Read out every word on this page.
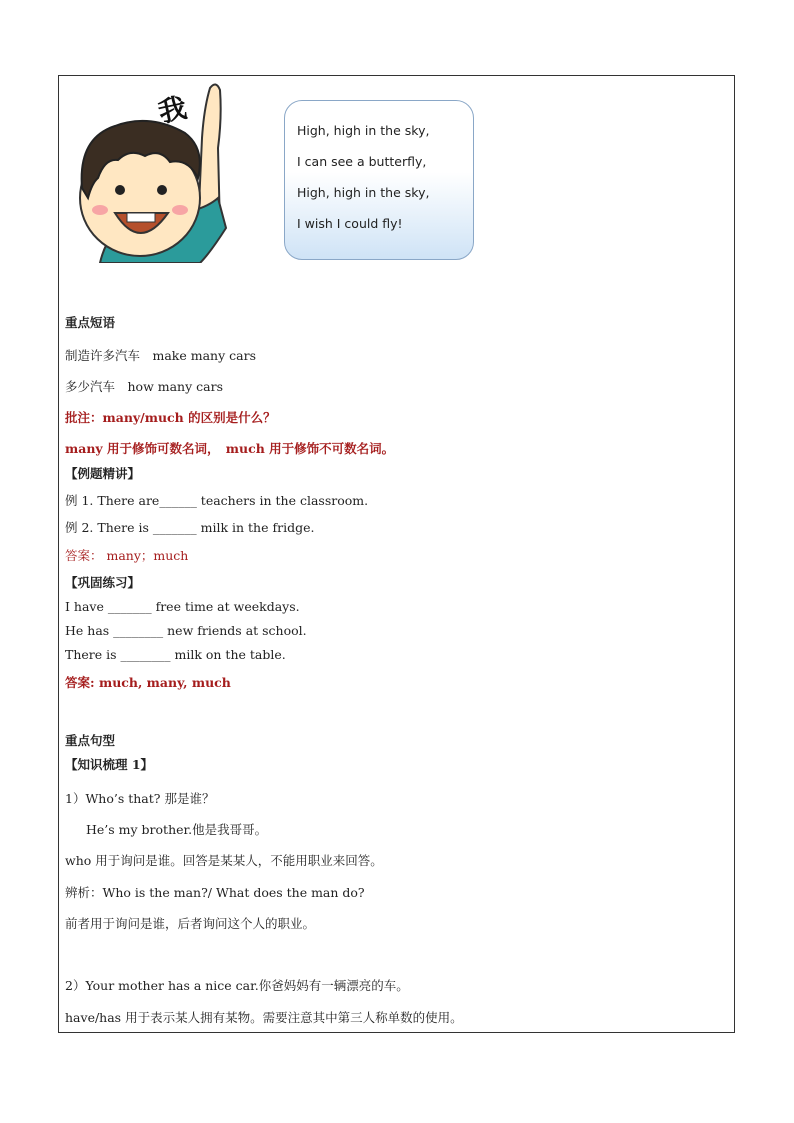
我
High, high in the sky,
I can see a butterfly,
High, high in the sky,
I wish I could fly!
重点短语
制造许多汽车　make many cars
多少汽车　how many cars
批注：many/much 的区别是什么？
many 用于修饰可数名词，　much 用于修饰不可数名词。
【例题精讲】
例 1. There are______ teachers in the classroom.
例 2. There is _______ milk in the fridge.
答案： many；much
【巩固练习】
I have _______ free time at weekdays.
He has ________ new friends at school.
There is ________ milk on the table.
答案: much, many, much
重点句型
【知识梳理 1】
1）Who’s that? 那是谁？
He’s my brother.他是我哥哥。
who 用于询问是谁。回答是某某人，不能用职业来回答。
辨析：Who is the man?/ What does the man do?
前者用于询问是谁，后者询问这个人的职业。
2）Your mother has a nice car.你爸妈妈有一辆漂亮的车。
have/has 用于表示某人拥有某物。需要注意其中第三人称单数的使用。
